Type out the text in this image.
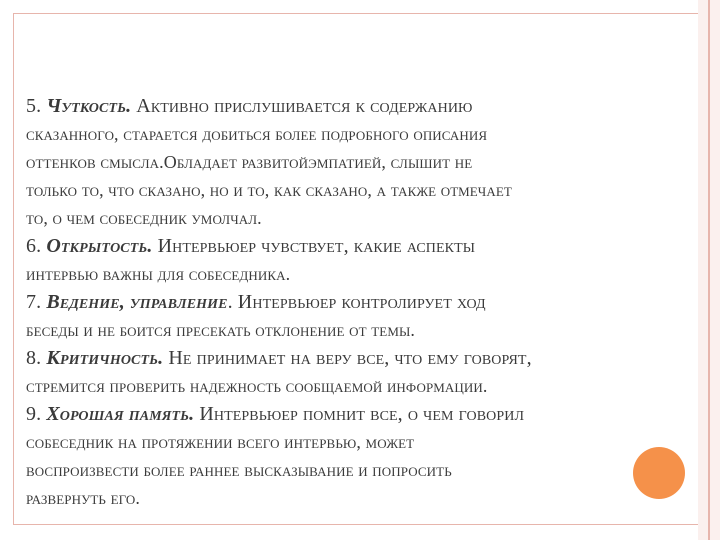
5. Чуткость. Активно прислушивается к содержанию
сказанного, старается добиться более подробного описания
оттенков смысла.Обладает развитойэмпатией, слышит не
только то, что сказано, но и то, как сказано, а также отмечает
то, о чем собеседник умолчал.
6. Открытость. Интервьюер чувствует, какие аспекты
интервью важны для собеседника.
7. Ведение, управление. Интервьюер контролирует ход
беседы и не боится пресекать отклонение от темы.
8. Критичность. Не принимает на веру все, что ему говорят,
стремится проверить надежность сообщаемой информации.
9. Хорошая память. Интервьюер помнит все, о чем говорил
собеседник на протяжении всего интервью, может
воспроизвести более раннее высказывание и попросить
развернуть его.
